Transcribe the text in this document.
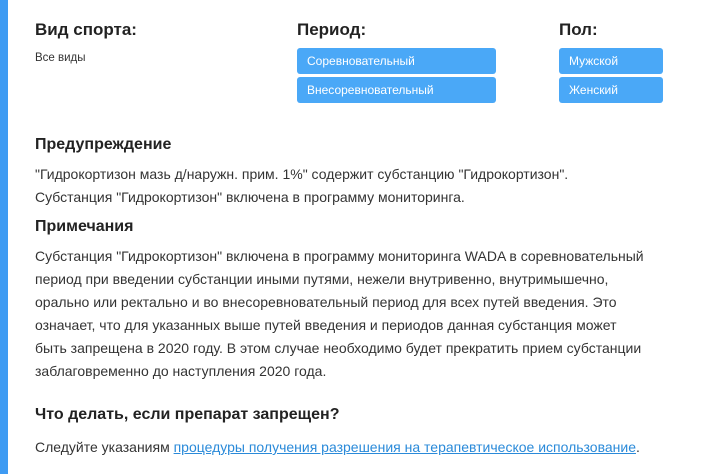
Вид спорта:
Все виды
Период:
Соревновательный
Внесоревновательный
Пол:
Мужской
Женский
Предупреждение
"Гидрокортизон мазь д/наружн. прим. 1%" содержит субстанцию "Гидрокортизон".
Субстанция "Гидрокортизон" включена в программу мониторинга.
Примечания
Субстанция "Гидрокортизон" включена в программу мониторинга WADA в соревновательный
период при введении субстанции иными путями, нежели внутривенно, внутримышечно,
орально или ректально и во внесоревновательный период для всех путей введения. Это
означает, что для указанных выше путей введения и периодов данная субстанция может
быть запрещена в 2020 году. В этом случае необходимо будет прекратить прием субстанции
заблаговременно до наступления 2020 года.
Что делать, если препарат запрещен?
Следуйте указаниям процедуры получения разрешения на терапевтическое использование.
